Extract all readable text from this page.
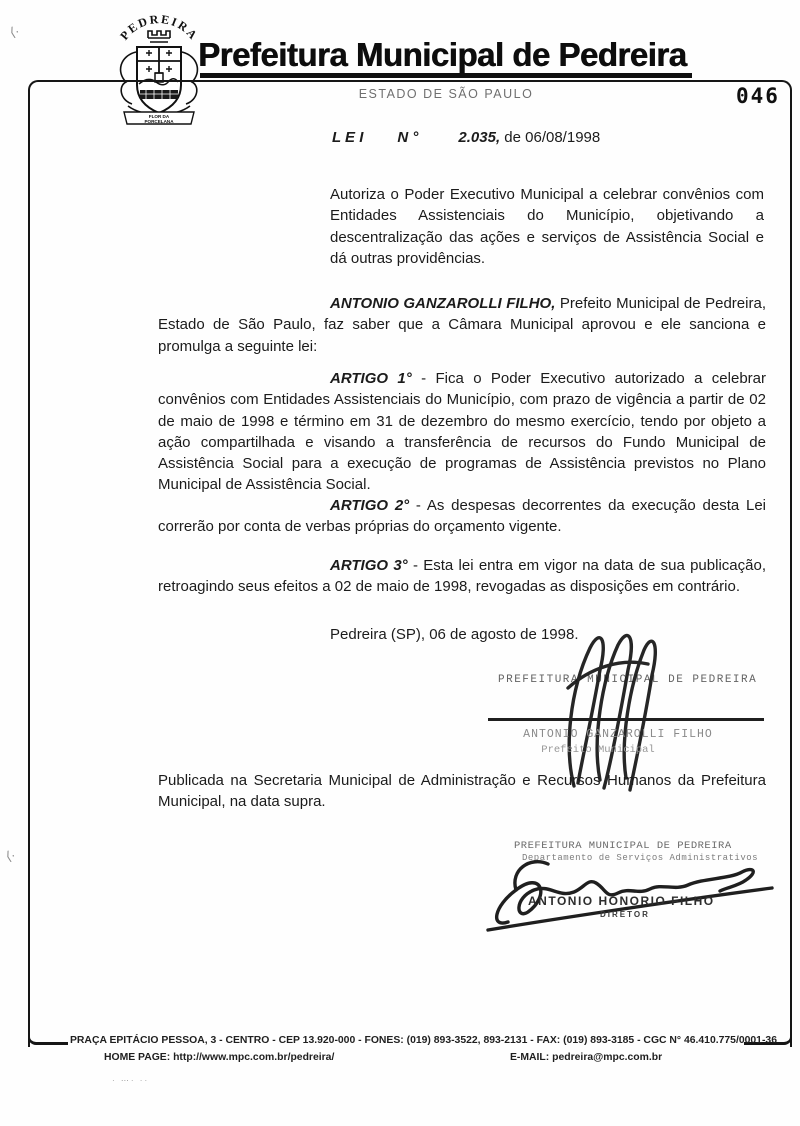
⟨·
⟨·
PEDREIRA
FLOR DA
PORCELANA
Prefeitura Municipal de Pedreira
ESTADO DE SÃO PAULO	046
L E I N °	2.035, de 06/08/1998
Autoriza o Poder Executivo Municipal a celebrar convênios com Entidades Assistenciais do Município, objetivando a descentralização das ações e serviços de Assistência Social e dá outras providências.
ANTONIO GANZAROLLI FILHO, Prefeito Municipal de Pedreira, Estado de São Paulo, faz saber que a Câmara Municipal aprovou e ele sanciona e promulga a seguinte lei:
ARTIGO 1° - Fica o Poder Executivo autorizado a celebrar convênios com Entidades Assistenciais do Município, com prazo de vigência a partir de 02 de maio de 1998 e término em 31 de dezembro do mesmo exercício, tendo por objeto a ação compartilhada e visando a transferência de recursos do Fundo Municipal de Assistência Social para a execução de programas de Assistência previstos no Plano Municipal de Assistência Social.
ARTIGO 2° - As despesas decorrentes da execução desta Lei correrão por conta de verbas próprias do orçamento vigente.
ARTIGO 3° - Esta lei entra em vigor na data de sua publicação, retroagindo seus efeitos a 02 de maio de 1998, revogadas as disposições em contrário.
Pedreira (SP), 06 de agosto de 1998.
PREFEITURA MUNICIPAL DE PEDREIRA
ANTONIO GANZAROLLI FILHO
Prefeito Municipal
Publicada na Secretaria Municipal de Administração e Recursos Humanos da Prefeitura Municipal, na data supra.
PREFEITURA MUNICIPAL DE PEDREIRA
Departamento de Serviços Administrativos
ANTONIO HONORIO FILHO
DIRETOR
PRAÇA EPITÁCIO PESSOA, 3 - CENTRO - CEP 13.920-000 - FONES: (019) 893-3522, 893-2131 - FAX: (019) 893-3185 - CGC N° 46.410.775/0001-36
HOME PAGE: http://www.mpc.com.br/pedreira/	E-MAIL: pedreira@mpc.com.br
· ⋯· ··
